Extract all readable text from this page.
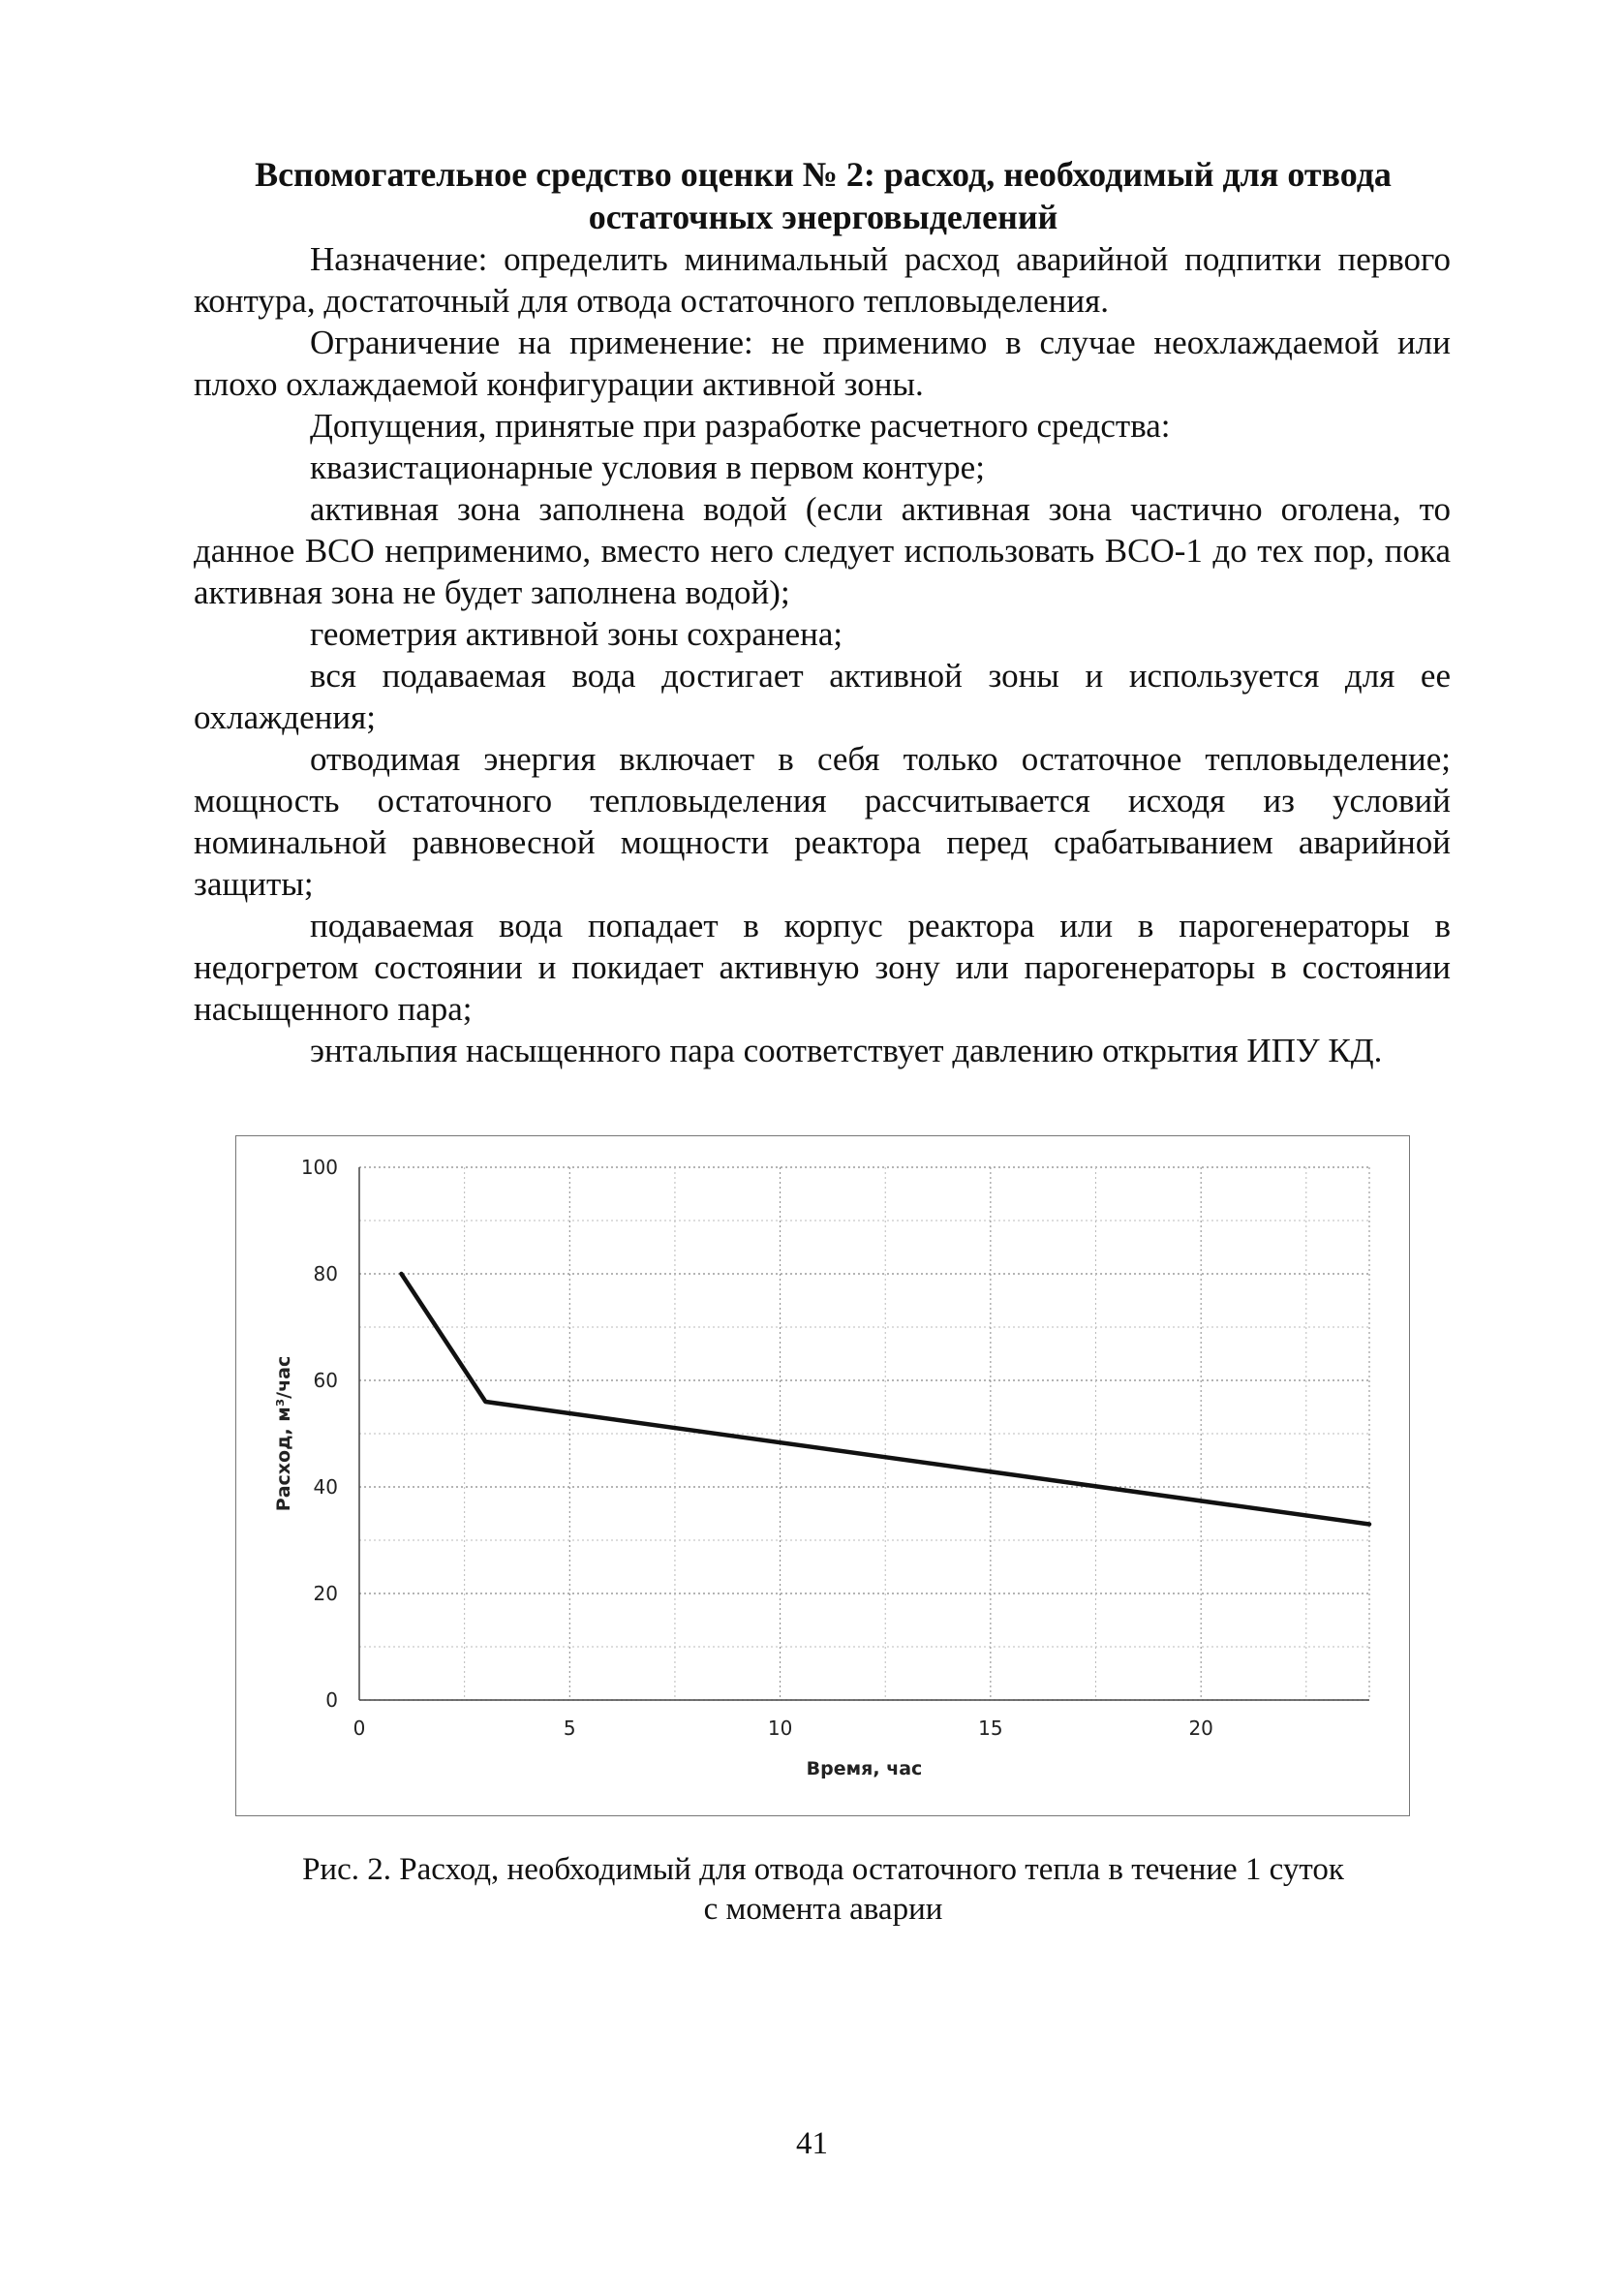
Вспомогательное средство оценки № 2: расход, необходимый для отвода
остаточных энерговыделений

Назначение: определить минимальный расход аварийной подпитки первого контура, достаточный для отвода остаточного тепловыделения.

Ограничение на применение: не применимо в случае неохлаждаемой или плохо охлаждаемой конфигурации активной зоны.

Допущения, принятые при разработке расчетного средства:

квазистационарные условия в первом контуре;

активная зона заполнена водой (если активная зона частично оголена, то данное ВСО неприменимо, вместо него следует использовать ВСО-1 до тех пор, пока активная зона не будет заполнена водой);

геометрия активной зоны сохранена;

вся подаваемая вода достигает активной зоны и используется для ее охлаждения;

отводимая энергия включает в себя только остаточное тепловыделение; мощность остаточного тепловыделения рассчитывается исходя из условий номинальной равновесной мощности реактора перед срабатыванием аварийной защиты;

подаваемая вода попадает в корпус реактора или в парогенераторы в недогретом состоянии и покидает активную зону или парогенераторы в состоянии насыщенного пара;

энтальпия насыщенного пара соответствует давлению открытия ИПУ КД.

0
20
40
60
80
100
0	5	10	15	20
Время, час
Расход, м³/час
Рис. 2. Расход, необходимый для отвода остаточного тепла в течение 1 суток
с момента аварии
41
